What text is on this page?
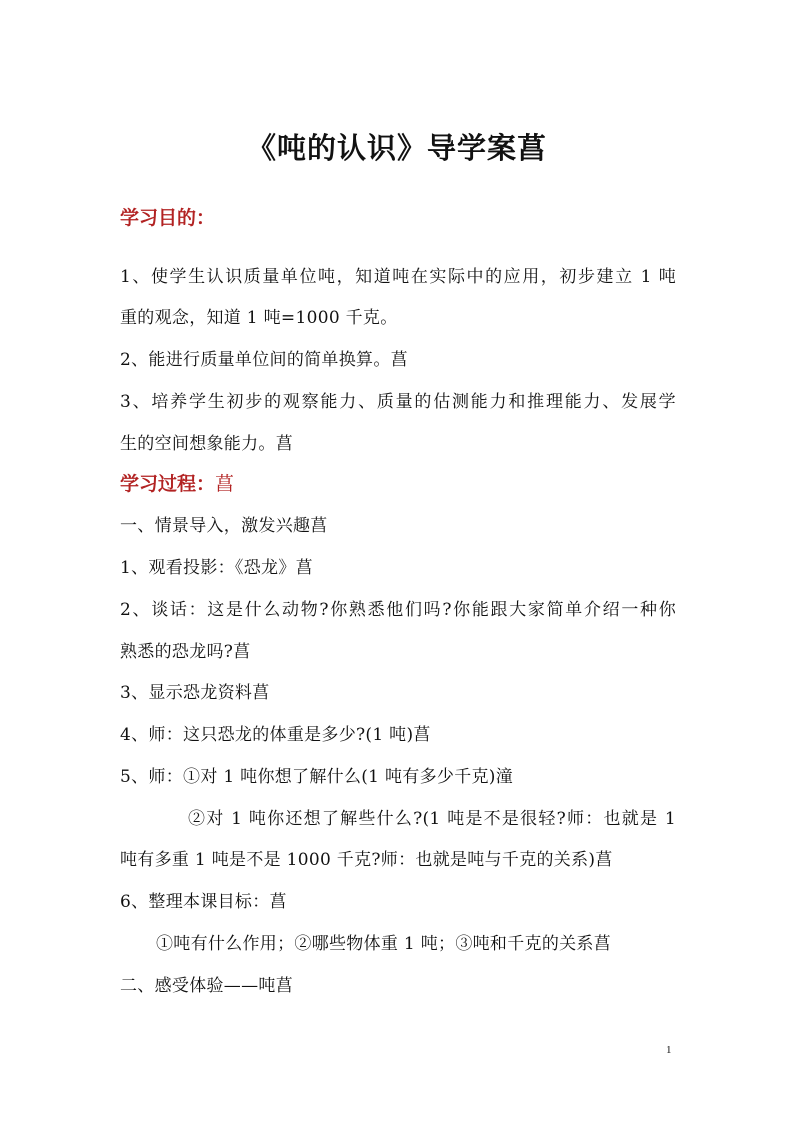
《吨的认识》导学案菖
学习目的：
1、使学生认识质量单位吨，知道吨在实际中的应用，初步建立 1 吨
重的观念，知道 1 吨=1000 千克。
2、能进行质量单位间的简单换算。菖
3、培养学生初步的观察能力、质量的估测能力和推理能力、发展学
生的空间想象能力。菖
学习过程：菖
一、情景导入，激发兴趣菖
1、观看投影：《恐龙》菖
2、谈话：这是什么动物?你熟悉他们吗?你能跟大家简单介绍一种你
熟悉的恐龙吗?菖
3、显示恐龙资料菖
4、师：这只恐龙的体重是多少?(1 吨)菖
5、师：①对 1 吨你想了解什么(1 吨有多少千克)潼
②对 1 吨你还想了解些什么?(1 吨是不是很轻?师：也就是 1
吨有多重 1 吨是不是 1000 千克?师：也就是吨与千克的关系)菖
6、整理本课目标：菖
①吨有什么作用；②哪些物体重 1 吨；③吨和千克的关系菖
二、感受体验——吨菖
1
